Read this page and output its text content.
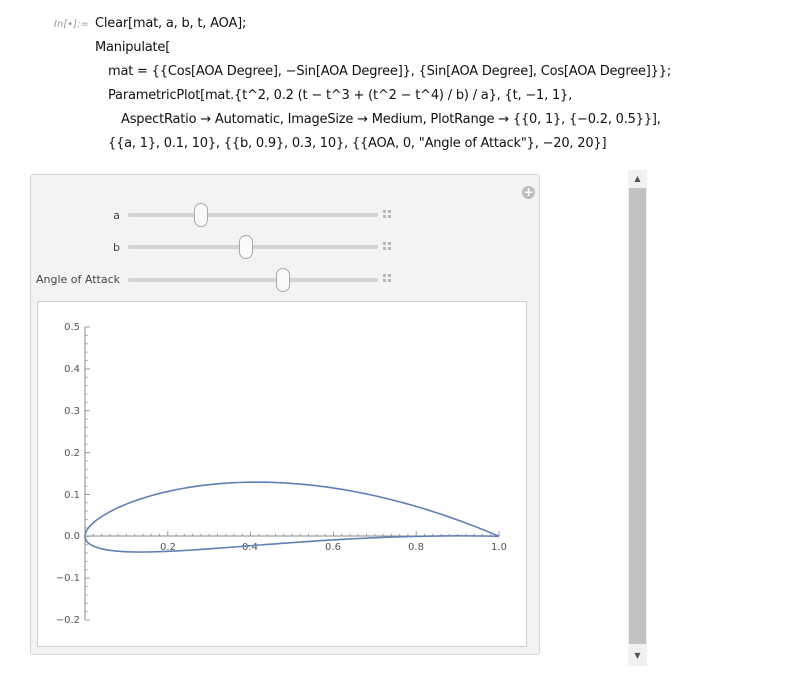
In[•]:= Clear[mat, a, b, t, AOA];
Manipulate[
mat = {{Cos[AOA Degree], −Sin[AOA Degree]}, {Sin[AOA Degree], Cos[AOA Degree]}};
ParametricPlot[mat.{t^2, 0.2 (t − t^3 + (t^2 − t^4) / b) / a}, {t, −1, 1},
AspectRatio → Automatic, ImageSize → Medium, PlotRange → {{0, 1}, {−0.2, 0.5}}],
{{a, 1}, 0.1, 10}, {{b, 0.9}, 0.3, 10}, {{AOA, 0, "Angle of Attack"}, −20, 20}]
+
a
b
Angle of Attack
0.5
0.4
0.3
0.2
0.1
0.0
−0.1
−0.2
0.2	0.4	0.6	0.8	1.0
▲
▼
